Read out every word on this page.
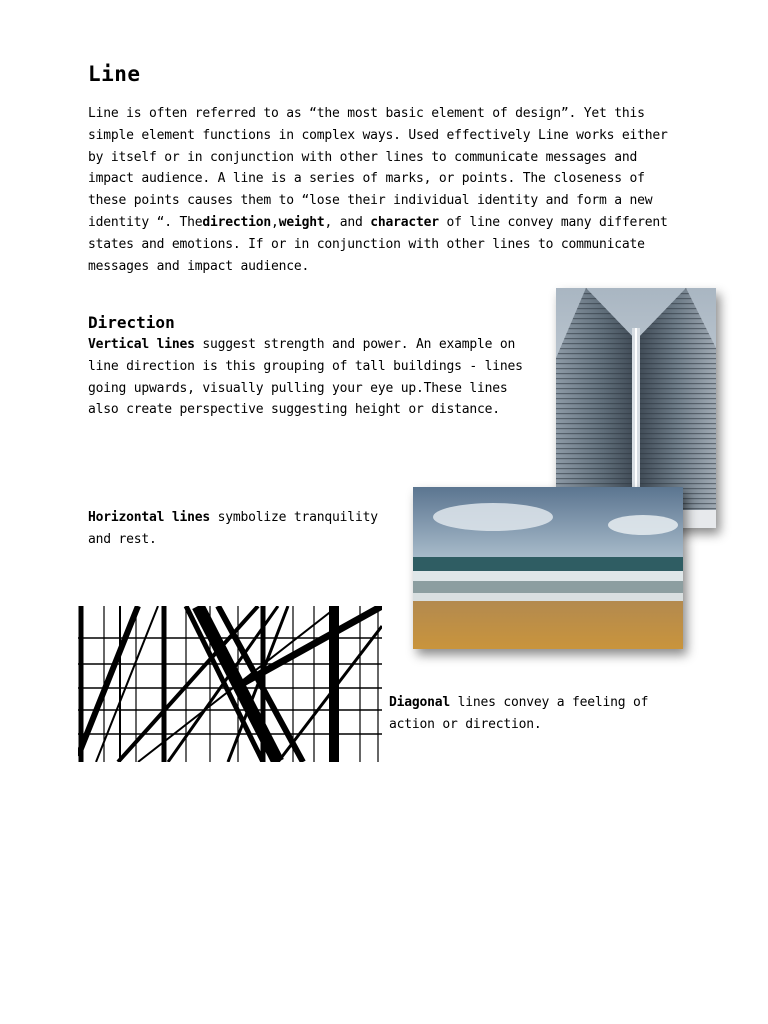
Line

Line is often referred to as “the most basic element of design”. Yet this simple element functions in complex ways. Used effectively Line works either by itself or in conjunction with other lines to communicate messages and impact audience. A line is a series of marks, or points. The closeness of these points causes them to “lose their individual identity and form a new identity “. Thedirection,weight, and character of line convey many different states and emotions. If or in conjunction with other lines to communicate messages and impact audience.

Direction
Vertical lines suggest strength and power. An example on line direction is this grouping of tall buildings - lines going upwards, visually pulling your eye up.These lines also create perspective suggesting height or distance.
Horizontal lines symbolize tranquility and rest.
Diagonal lines convey a feeling of action or direction.
